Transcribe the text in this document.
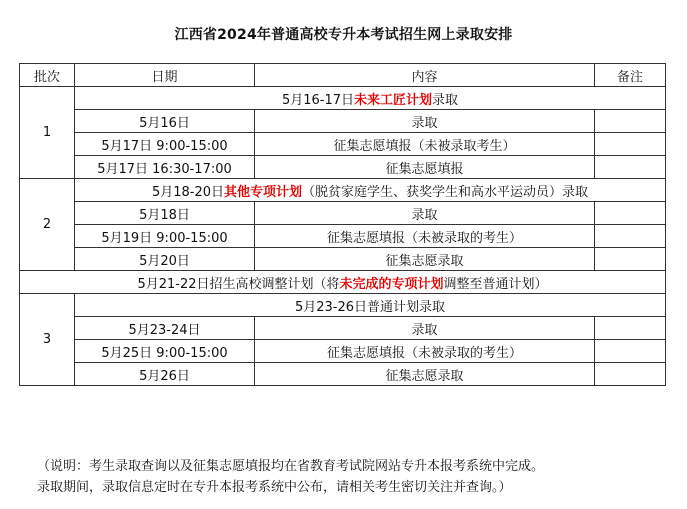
江西省2024年普通高校专升本考试招生网上录取安排
批次	日期	内容	备注
1	5月16-17日未来工匠计划录取		
	5月16日	录取	
	5月17日 9:00-15:00	征集志愿填报（未被录取考生）	
	5月17日 16:30-17:00	征集志愿填报	
2	5月18-20日其他专项计划（脱贫家庭学生、获奖学生和高水平运动员）录取		
	5月18日	录取	
	5月19日 9:00-15:00	征集志愿填报（未被录取的考生）	
	5月20日	征集志愿录取	
5月21-22日招生高校调整计划（将未完成的专项计划调整至普通计划）			
3	5月23-26日普通计划录取		
	5月23-24日	录取	
	5月25日 9:00-15:00	征集志愿填报（未被录取的考生）	
	5月26日	征集志愿录取	
（说明：考生录取查询以及征集志愿填报均在省教育考试院网站专升本报考系统中完成。
录取期间，录取信息定时在专升本报考系统中公布，请相关考生密切关注并查询。）
